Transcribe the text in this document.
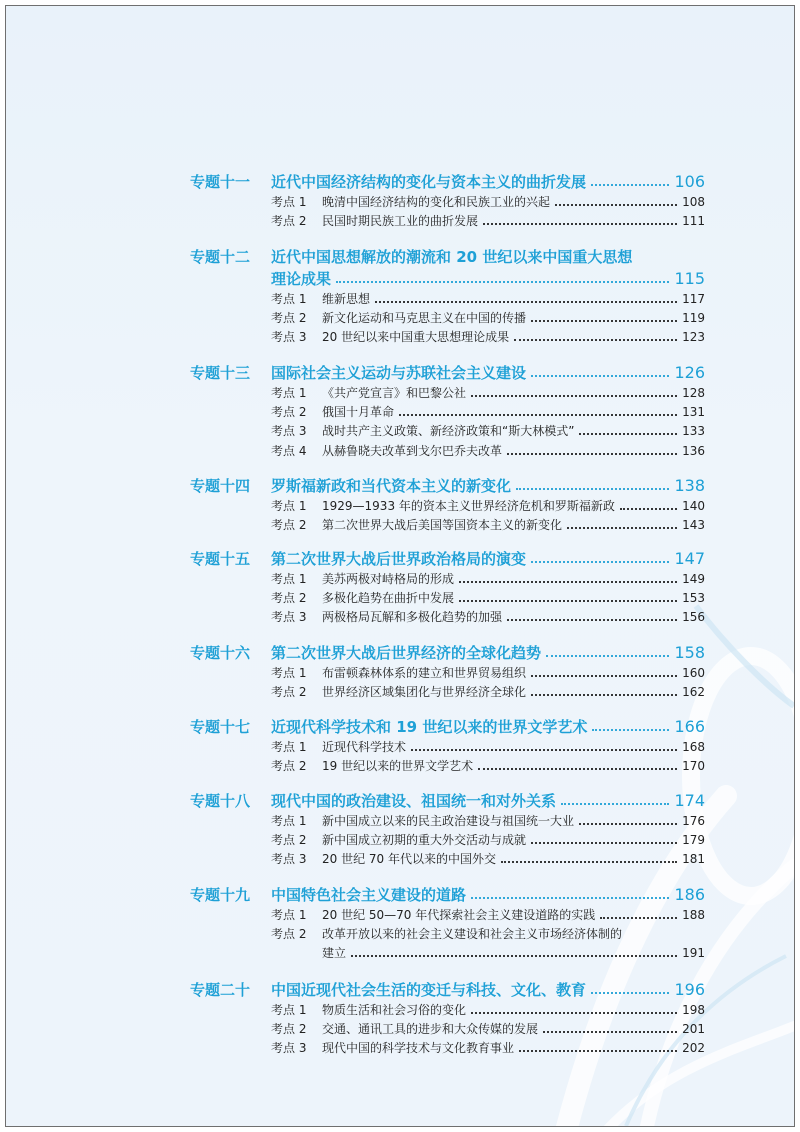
专题十一 近代中国经济结构的变化与资本主义的曲折发展	106
考点 1 晚清中国经济结构的变化和民族工业的兴起	108
考点 2 民国时期民族工业的曲折发展	111
专题十二 近代中国思想解放的潮流和 20 世纪以来中国重大思想
理论成果	115
考点 1 维新思想	117
考点 2 新文化运动和马克思主义在中国的传播	119
考点 3 20 世纪以来中国重大思想理论成果	123
专题十三 国际社会主义运动与苏联社会主义建设	126
考点 1 《共产党宣言》和巴黎公社	128
考点 2 俄国十月革命	131
考点 3 战时共产主义政策、新经济政策和“斯大林模式”	133
考点 4 从赫鲁晓夫改革到戈尔巴乔夫改革	136
专题十四 罗斯福新政和当代资本主义的新变化	138
考点 1 1929—1933 年的资本主义世界经济危机和罗斯福新政	140
考点 2 第二次世界大战后美国等国资本主义的新变化	143
专题十五 第二次世界大战后世界政治格局的演变	147
考点 1 美苏两极对峙格局的形成	149
考点 2 多极化趋势在曲折中发展	153
考点 3 两极格局瓦解和多极化趋势的加强	156
专题十六 第二次世界大战后世界经济的全球化趋势	158
考点 1 布雷顿森林体系的建立和世界贸易组织	160
考点 2 世界经济区域集团化与世界经济全球化	162
专题十七 近现代科学技术和 19 世纪以来的世界文学艺术	166
考点 1 近现代科学技术	168
考点 2 19 世纪以来的世界文学艺术	170
专题十八 现代中国的政治建设、祖国统一和对外关系	174
考点 1 新中国成立以来的民主政治建设与祖国统一大业	176
考点 2 新中国成立初期的重大外交活动与成就	179
考点 3 20 世纪 70 年代以来的中国外交	181
专题十九 中国特色社会主义建设的道路	186
考点 1 20 世纪 50—70 年代探索社会主义建设道路的实践	188
考点 2 改革开放以来的社会主义建设和社会主义市场经济体制的
建立	191
专题二十 中国近现代社会生活的变迁与科技、文化、教育	196
考点 1 物质生活和社会习俗的变化	198
考点 2 交通、通讯工具的进步和大众传媒的发展	201
考点 3 现代中国的科学技术与文化教育事业	202
